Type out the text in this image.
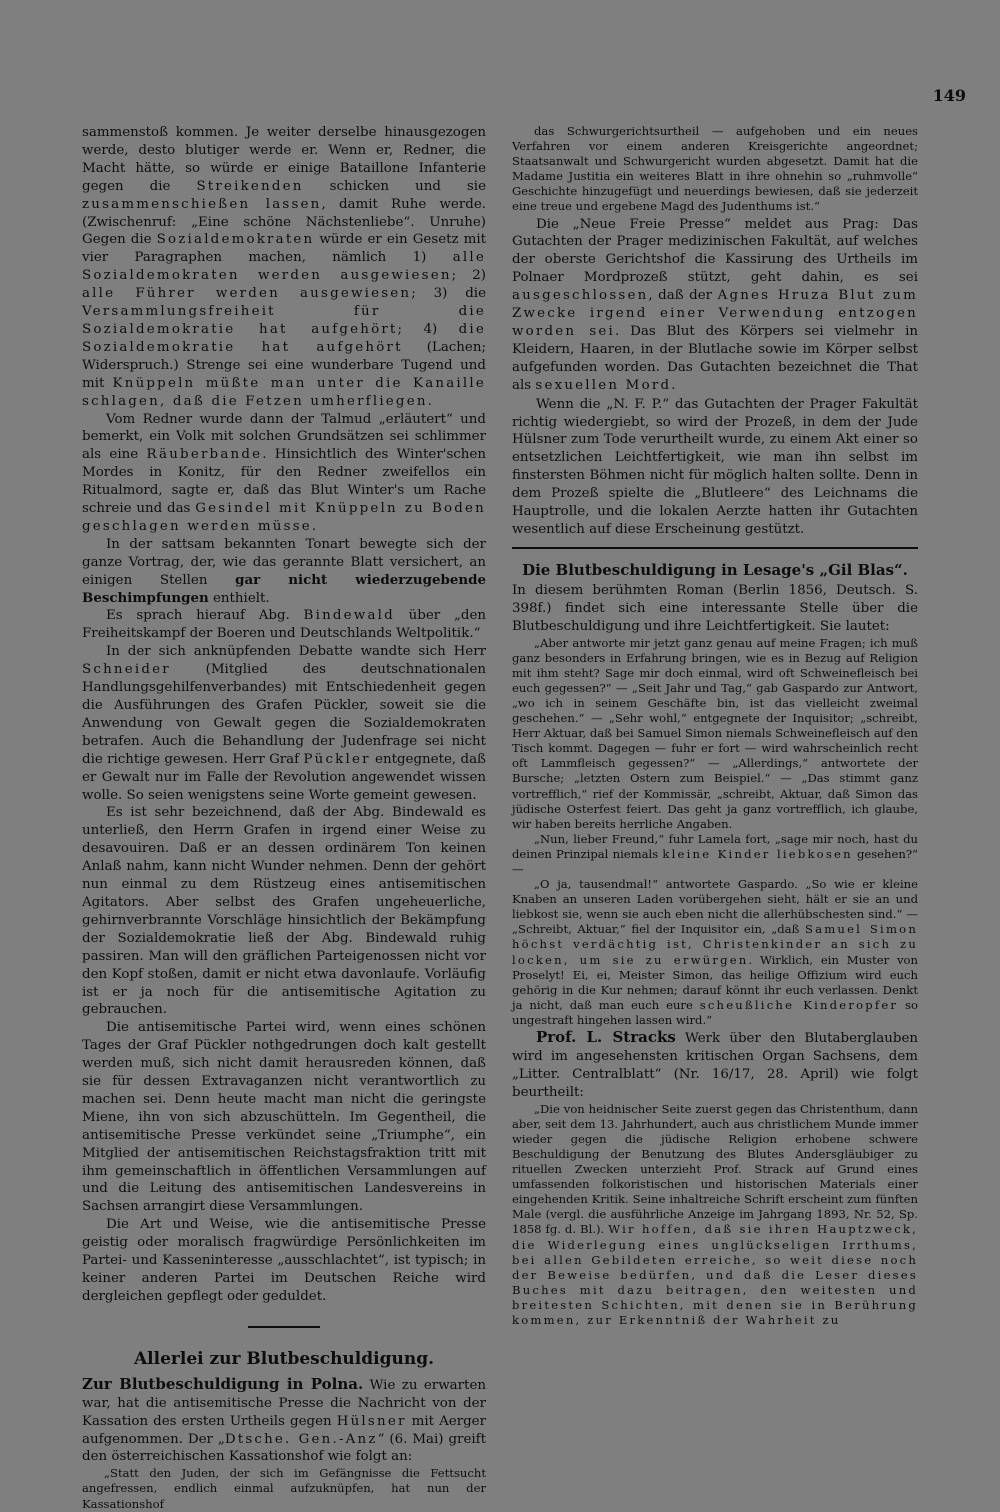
149

sammenstoß kommen. Je weiter derselbe hinausgezogen werde, desto blutiger werde er. Wenn er, Redner, die Macht hätte, so würde er einige Bataillone Infanterie gegen die Streikenden schicken und sie zusammenschießen lassen, damit Ruhe werde. (Zwischenruf: „Eine schöne Nächstenliebe“. Unruhe) Gegen die Sozialdemokraten würde er ein Gesetz mit vier Paragraphen machen, nämlich 1) alle Sozialdemokraten werden ausgewiesen; 2) alle Führer werden ausgewiesen; 3) die Versammlungsfreiheit für die Sozialdemokratie hat aufgehört; 4) die Sozialdemokratie hat aufgehört (Lachen; Widerspruch.) Strenge sei eine wunderbare Tugend und mit Knüppeln müßte man unter die Kanaille schlagen, daß die Fetzen umherfliegen.

Vom Redner wurde dann der Talmud „erläutert“ und bemerkt, ein Volk mit solchen Grundsätzen sei schlimmer als eine Räuberbande. Hinsichtlich des Winter'schen Mordes in Konitz, für den Redner zweifellos ein Ritualmord, sagte er, daß das Blut Winter's um Rache schreie und das Gesindel mit Knüppeln zu Boden geschlagen werden müsse.

In der sattsam bekannten Tonart bewegte sich der ganze Vortrag, der, wie das gerannte Blatt versichert, an einigen Stellen gar nicht wiederzugebende Beschimpfungen enthielt.

Es sprach hierauf Abg. Bindewald über „den Freiheitskampf der Boeren und Deutschlands Weltpolitik.“

In der sich anknüpfenden Debatte wandte sich Herr Schneider (Mitglied des deutschnationalen Handlungsgehilfenverbandes) mit Entschiedenheit gegen die Ausführungen des Grafen Pückler, soweit sie die Anwendung von Gewalt gegen die Sozialdemokraten betrafen. Auch die Behandlung der Judenfrage sei nicht die richtige gewesen. Herr Graf Pückler entgegnete, daß er Gewalt nur im Falle der Revolution angewendet wissen wolle. So seien wenigstens seine Worte gemeint gewesen.

Es ist sehr bezeichnend, daß der Abg. Bindewald es unterließ, den Herrn Grafen in irgend einer Weise zu desavouiren. Daß er an dessen ordinärem Ton keinen Anlaß nahm, kann nicht Wunder nehmen. Denn der gehört nun einmal zu dem Rüstzeug eines antisemitischen Agitators. Aber selbst des Grafen ungeheuerliche, gehirnverbrannte Vorschläge hinsichtlich der Bekämpfung der Sozialdemokratie ließ der Abg. Bindewald ruhig passiren. Man will den gräflichen Parteigenossen nicht vor den Kopf stoßen, damit er nicht etwa davonlaufe. Vorläufig ist er ja noch für die antisemitische Agitation zu gebrauchen.

Die antisemitische Partei wird, wenn eines schönen Tages der Graf Pückler nothgedrungen doch kalt gestellt werden muß, sich nicht damit herausreden können, daß sie für dessen Extravaganzen nicht verantwortlich zu machen sei. Denn heute macht man nicht die geringste Miene, ihn von sich abzuschütteln. Im Gegentheil, die antisemitische Presse verkündet seine „Triumphe“, ein Mitglied der antisemitischen Reichstagsfraktion tritt mit ihm gemeinschaftlich in öffentlichen Versammlungen auf und die Leitung des antisemitischen Landesvereins in Sachsen arrangirt diese Versammlungen.

Die Art und Weise, wie die antisemitische Presse geistig oder moralisch fragwürdige Persönlichkeiten im Partei- und Kasseninteresse „ausschlachtet“, ist typisch; in keiner anderen Partei im Deutschen Reiche wird dergleichen gepflegt oder geduldet.

Allerlei zur Blutbeschuldigung.

Zur Blutbeschuldigung in Polna. Wie zu erwarten war, hat die antisemitische Presse die Nachricht von der Kassation des ersten Urtheils gegen Hülsner mit Aerger aufgenommen. Der „Dtsche. Gen.-Anz“ (6. Mai) greift den österreichischen Kassationshof wie folgt an:

„Statt den Juden, der sich im Gefängnisse die Fettsucht angefressen, endlich einmal aufzuknüpfen, hat nun der Kassationshof

das Schwurgerichtsurtheil — aufgehoben und ein neues Verfahren vor einem anderen Kreisgerichte angeordnet; Staatsanwalt und Schwurgericht wurden abgesetzt. Damit hat die Madame Justitia ein weiteres Blatt in ihre ohnehin so „ruhmvolle“ Geschichte hinzugefügt und neuerdings bewiesen, daß sie jederzeit eine treue und ergebene Magd des Judenthums ist.“

Die „Neue Freie Presse“ meldet aus Prag: Das Gutachten der Prager medizinischen Fakultät, auf welches der oberste Gerichtshof die Kassirung des Urtheils im Polnaer Mordprozeß stützt, geht dahin, es sei ausgeschlossen, daß der Agnes Hruza Blut zum Zwecke irgend einer Verwendung entzogen worden sei. Das Blut des Körpers sei vielmehr in Kleidern, Haaren, in der Blutlache sowie im Körper selbst aufgefunden worden. Das Gutachten bezeichnet die That als sexuellen Mord.

Wenn die „N. F. P.“ das Gutachten der Prager Fakultät richtig wiedergiebt, so wird der Prozeß, in dem der Jude Hülsner zum Tode verurtheilt wurde, zu einem Akt einer so entsetzlichen Leichtfertigkeit, wie man ihn selbst im finstersten Böhmen nicht für möglich halten sollte. Denn in dem Prozeß spielte die „Blutleere“ des Leichnams die Hauptrolle, und die lokalen Aerzte hatten ihr Gutachten wesentlich auf diese Erscheinung gestützt.

Die Blutbeschuldigung in Lesage's „Gil Blas“.

In diesem berühmten Roman (Berlin 1856, Deutsch. S. 398f.) findet sich eine interessante Stelle über die Blutbeschuldigung und ihre Leichtfertigkeit. Sie lautet:

„Aber antworte mir jetzt ganz genau auf meine Fragen; ich muß ganz besonders in Erfahrung bringen, wie es in Bezug auf Religion mit ihm steht? Sage mir doch einmal, wird oft Schweinefleisch bei euch gegessen?“ — „Seit Jahr und Tag,“ gab Gaspardo zur Antwort, „wo ich in seinem Geschäfte bin, ist das vielleicht zweimal geschehen.“ — „Sehr wohl,“ entgegnete der Inquisitor; „schreibt, Herr Aktuar, daß bei Samuel Simon niemals Schweinefleisch auf den Tisch kommt. Dagegen — fuhr er fort — wird wahrscheinlich recht oft Lammfleisch gegessen?“ — „Allerdings,“ antwortete der Bursche; „letzten Ostern zum Beispiel.“ — „Das stimmt ganz vortrefflich,“ rief der Kommissär, „schreibt, Aktuar, daß Simon das jüdische Osterfest feiert. Das geht ja ganz vortrefflich, ich glaube, wir haben bereits herrliche Angaben.

„Nun, lieber Freund,“ fuhr Lamela fort, „sage mir noch, hast du deinen Prinzipal niemals kleine Kinder liebkosen gesehen?“ —

„O ja, tausendmal!“ antwortete Gaspardo. „So wie er kleine Knaben an unseren Laden vorübergehen sieht, hält er sie an und liebkost sie, wenn sie auch eben nicht die allerhübschesten sind.“ — „Schreibt, Aktuar,“ fiel der Inquisitor ein, „daß Samuel Simon höchst verdächtig ist, Christenkinder an sich zu locken, um sie zu erwürgen. Wirklich, ein Muster von Proselyt! Ei, ei, Meister Simon, das heilige Offizium wird euch gehörig in die Kur nehmen; darauf könnt ihr euch verlassen. Denkt ja nicht, daß man euch eure scheußliche Kinderopfer so ungestraft hingehen lassen wird.“

Prof. L. Stracks Werk über den Blutaberglauben wird im angesehensten kritischen Organ Sachsens, dem „Litter. Centralblatt“ (Nr. 16/17, 28. April) wie folgt beurtheilt:

„Die von heidnischer Seite zuerst gegen das Christenthum, dann aber, seit dem 13. Jahrhundert, auch aus christlichem Munde immer wieder gegen die jüdische Religion erhobene schwere Beschuldigung der Benutzung des Blutes Andersgläubiger zu rituellen Zwecken unterzieht Prof. Strack auf Grund eines umfassenden folkoristischen und historischen Materials einer eingehenden Kritik. Seine inhaltreiche Schrift erscheint zum fünften Male (vergl. die ausführliche Anzeige im Jahrgang 1893, Nr. 52, Sp. 1858 fg. d. Bl.). Wir hoffen, daß sie ihren Hauptzweck, die Widerlegung eines unglückseligen Irrthums, bei allen Gebildeten erreiche, so weit diese noch der Beweise bedürfen, und daß die Leser dieses Buches mit dazu beitragen, den weitesten und breitesten Schichten, mit denen sie in Berührung kommen, zur Erkenntniß der Wahrheit zu
